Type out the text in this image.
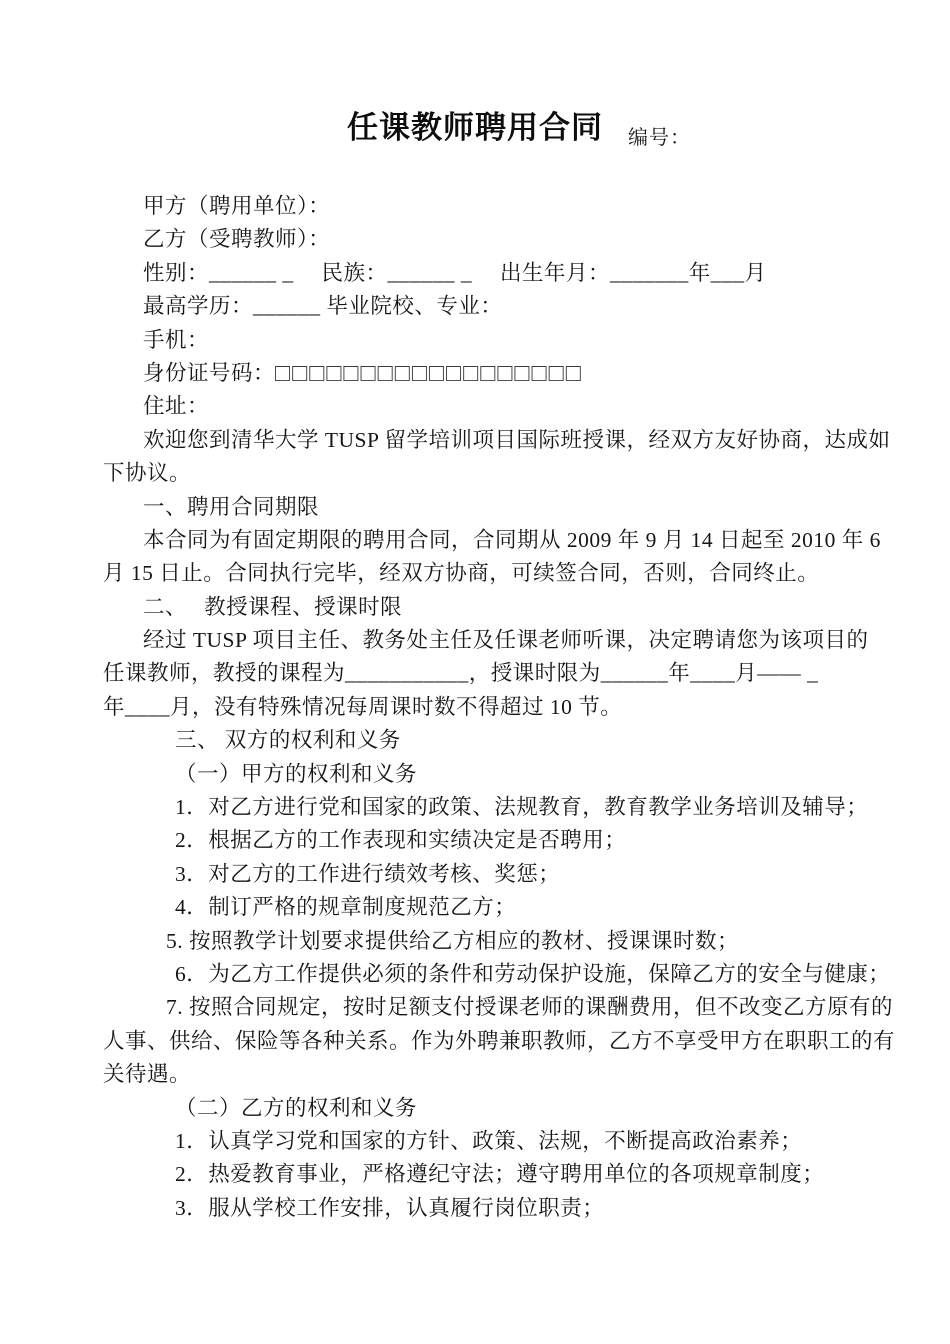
任课教师聘用合同 编号：
甲方（聘用单位）：
乙方（受聘教师）：
性别：______ _　 民族：______ _　 出生年月：_______年___月
最高学历：______ 毕业院校、专业：
手机：
身份证号码：□□□□□□□□□□□□□□□□□□
住址：
欢迎您到清华大学 TUSP 留学培训项目国际班授课，经双方友好协商，达成如
下协议。
一、聘用合同期限
本合同为有固定期限的聘用合同，合同期从 2009 年 9 月 14 日起至 2010 年 6
月 15 日止。合同执行完毕，经双方协商，可续签合同，否则，合同终止。
二、　 教授课程、授课时限
经过 TUSP 项目主任、教务处主任及任课老师听课，决定聘请您为该项目的
任课教师，教授的课程为___________，授课时限为______年____月—— _
年____月，没有特殊情况每周课时数不得超过 10 节。
三、 双方的权利和义务
（一）甲方的权利和义务
1．对乙方进行党和国家的政策、法规教育，教育教学业务培训及辅导；
2．根据乙方的工作表现和实绩决定是否聘用；
3．对乙方的工作进行绩效考核、奖惩；
4．制订严格的规章制度规范乙方；
5. 按照教学计划要求提供给乙方相应的教材、授课课时数；
6．为乙方工作提供必须的条件和劳动保护设施，保障乙方的安全与健康；
7. 按照合同规定，按时足额支付授课老师的课酬费用，但不改变乙方原有的
人事、供给、保险等各种关系。作为外聘兼职教师，乙方不享受甲方在职职工的有
关待遇。
（二）乙方的权利和义务
1．认真学习党和国家的方针、政策、法规，不断提高政治素养；
2．热爱教育事业，严格遵纪守法；遵守聘用单位的各项规章制度；
3．服从学校工作安排，认真履行岗位职责；
